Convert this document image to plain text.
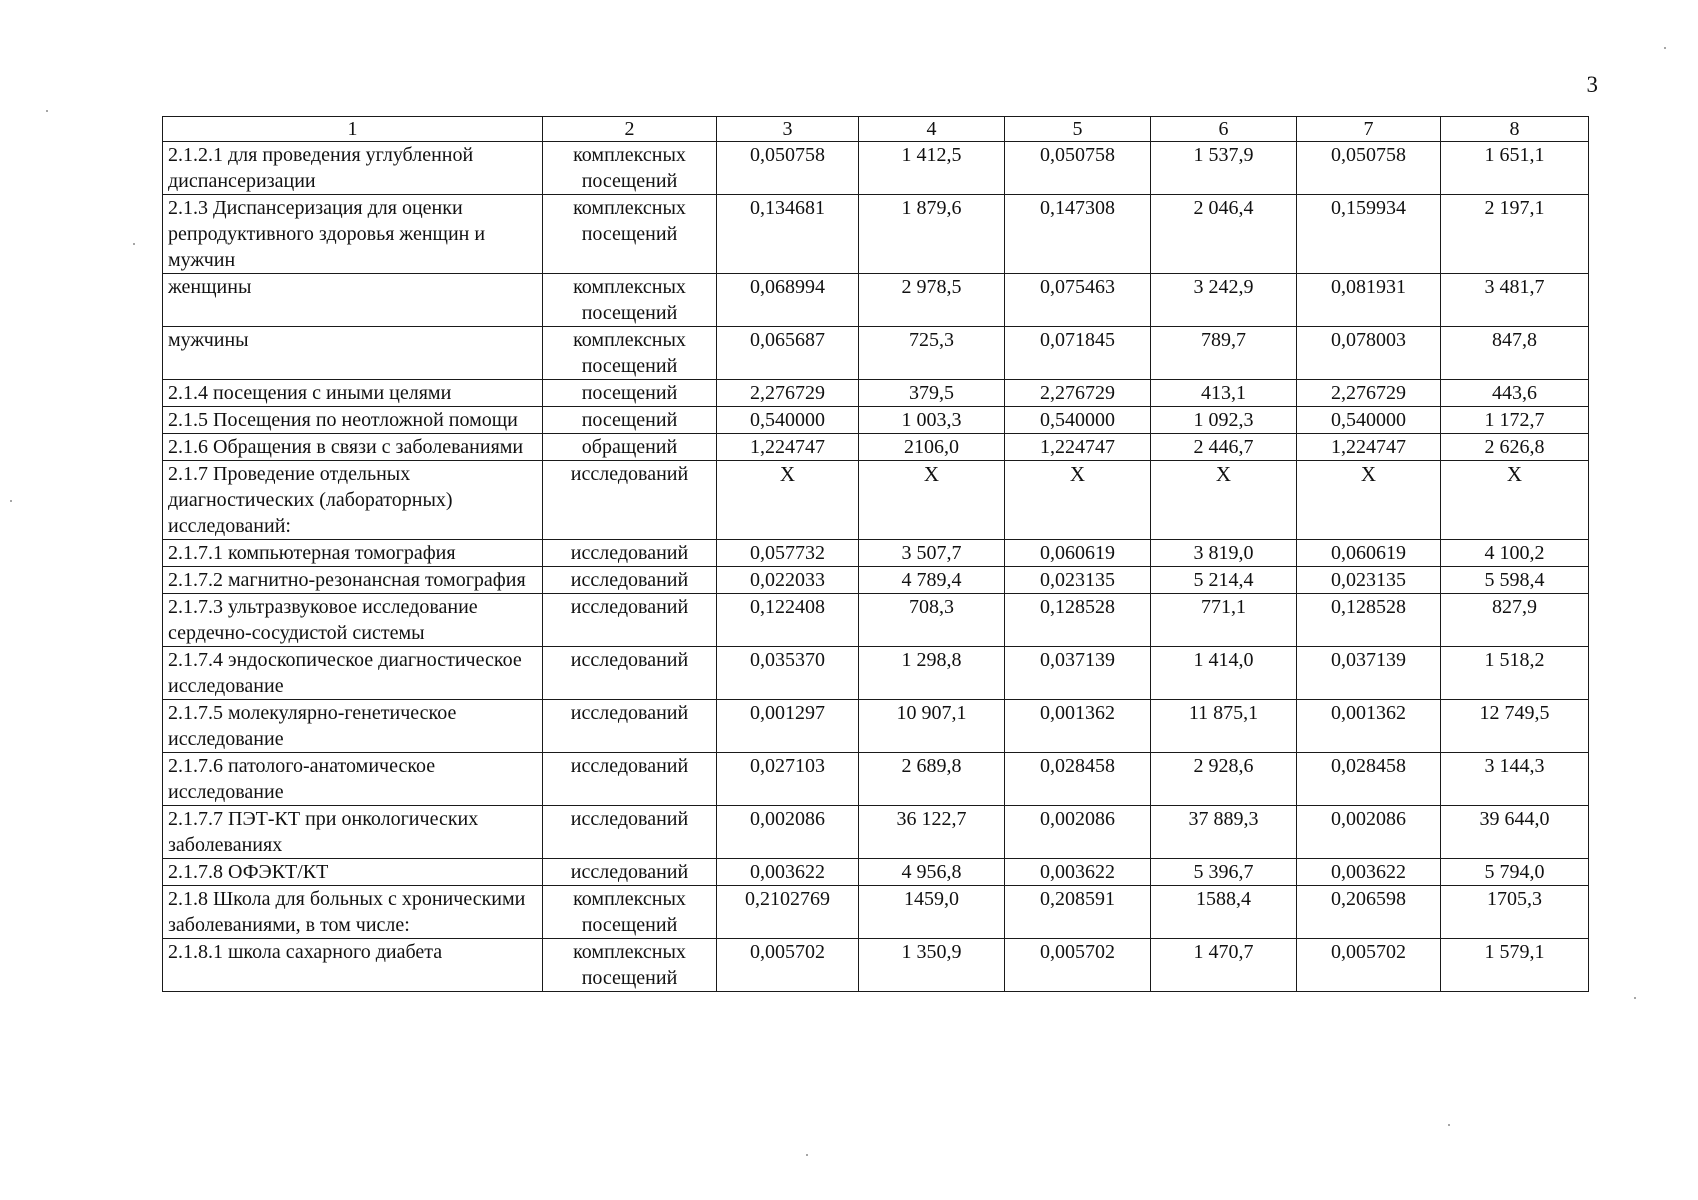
3
1	2	3	4	5	6	7	8
2.1.2.1 для проведения углубленной диспансеризации	комплексных посещений	0,050758	1 412,5	0,050758	1 537,9	0,050758	1 651,1
2.1.3 Диспансеризация для оценки репродуктивного здоровья женщин и мужчин	комплексных посещений	0,134681	1 879,6	0,147308	2 046,4	0,159934	2 197,1
женщины	комплексных посещений	0,068994	2 978,5	0,075463	3 242,9	0,081931	3 481,7
мужчины	комплексных посещений	0,065687	725,3	0,071845	789,7	0,078003	847,8
2.1.4 посещения с иными целями	посещений	2,276729	379,5	2,276729	413,1	2,276729	443,6
2.1.5 Посещения по неотложной помощи	посещений	0,540000	1 003,3	0,540000	1 092,3	0,540000	1 172,7
2.1.6 Обращения в связи с заболеваниями	обращений	1,224747	2106,0	1,224747	2 446,7	1,224747	2 626,8
2.1.7 Проведение отдельных диагностических (лабораторных) исследований:	исследований	Х	Х	Х	Х	Х	Х
2.1.7.1 компьютерная томография	исследований	0,057732	3 507,7	0,060619	3 819,0	0,060619	4 100,2
2.1.7.2 магнитно-резонансная томография	исследований	0,022033	4 789,4	0,023135	5 214,4	0,023135	5 598,4
2.1.7.3 ультразвуковое исследование сердечно-сосудистой системы	исследований	0,122408	708,3	0,128528	771,1	0,128528	827,9
2.1.7.4 эндоскопическое диагностическое исследование	исследований	0,035370	1 298,8	0,037139	1 414,0	0,037139	1 518,2
2.1.7.5 молекулярно-генетическое исследование	исследований	0,001297	10 907,1	0,001362	11 875,1	0,001362	12 749,5
2.1.7.6 патолого-анатомическое исследование	исследований	0,027103	2 689,8	0,028458	2 928,6	0,028458	3 144,3
2.1.7.7 ПЭТ-КТ при онкологических заболеваниях	исследований	0,002086	36 122,7	0,002086	37 889,3	0,002086	39 644,0
2.1.7.8 ОФЭКТ/КТ	исследований	0,003622	4 956,8	0,003622	5 396,7	0,003622	5 794,0
2.1.8 Школа для больных с хроническими заболеваниями, в том числе:	комплексных посещений	0,2102769	1459,0	0,208591	1588,4	0,206598	1705,3
2.1.8.1 школа сахарного диабета	комплексных посещений	0,005702	1 350,9	0,005702	1 470,7	0,005702	1 579,1
